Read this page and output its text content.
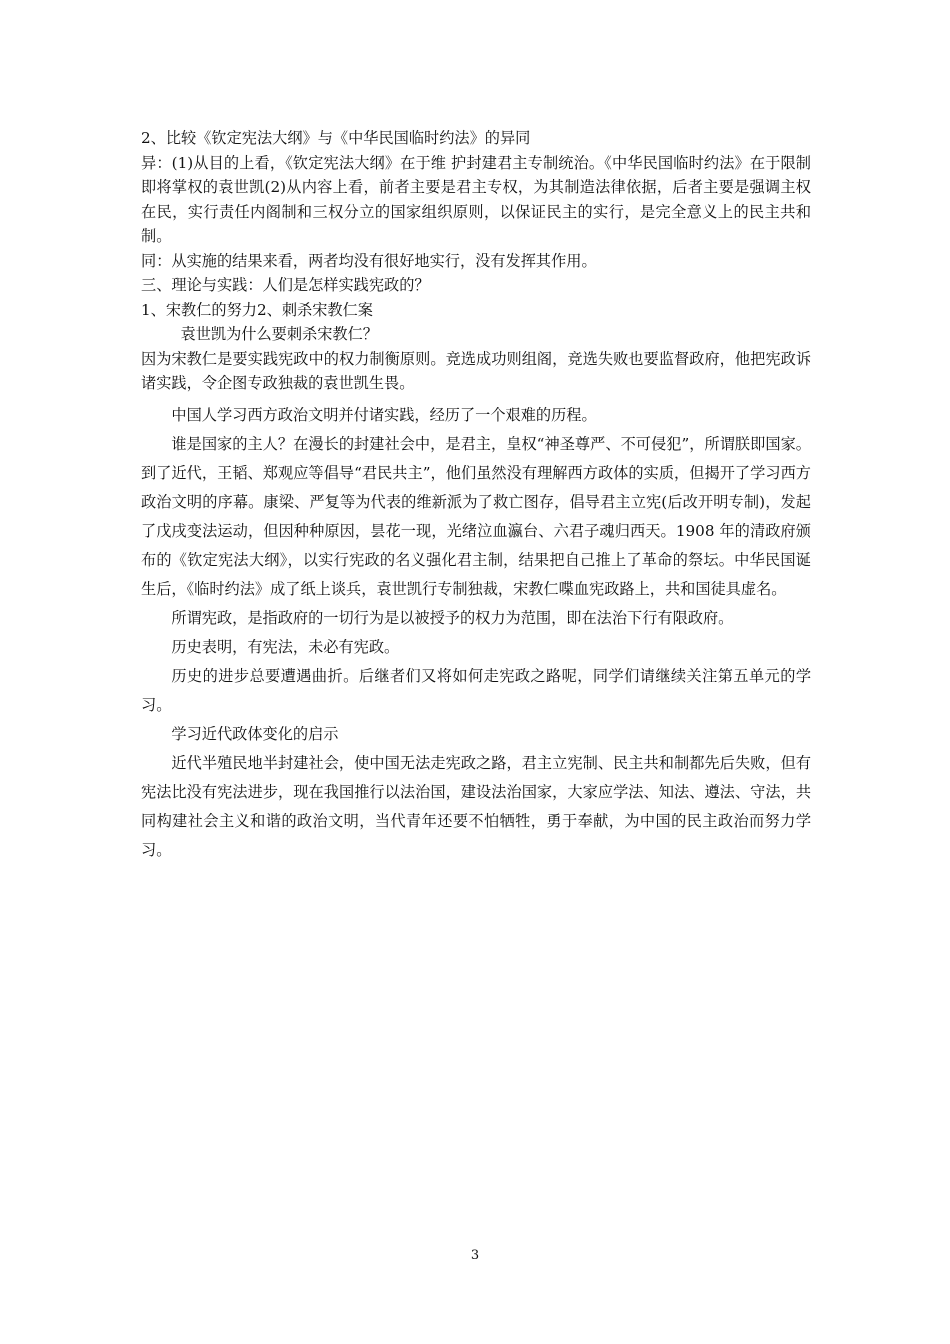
2、比较《钦定宪法大纲》与《中华民国临时约法》的异同

异：(1)从目的上看，《钦定宪法大纲》在于维 护封建君主专制统治。《中华民国临时约法》在于限制即将掌权的袁世凯(2)从内容上看，前者主要是君主专权，为其制造法律依据，后者主要是强调主权在民，实行责任内阁制和三权分立的国家组织原则，以保证民主的实行，是完全意义上的民主共和制。

同：从实施的结果来看，两者均没有很好地实行，没有发挥其作用。

三、理论与实践：人们是怎样实践宪政的？

1、宋教仁的努力2、刺杀宋教仁案

袁世凯为什么要刺杀宋教仁？

因为宋教仁是要实践宪政中的权力制衡原则。竞选成功则组阁，竞选失败也要监督政府，他把宪政诉诸实践，令企图专政独裁的袁世凯生畏。

中国人学习西方政治文明并付诸实践，经历了一个艰难的历程。

谁是国家的主人？在漫长的封建社会中，是君主，皇权“神圣尊严、不可侵犯”，所谓朕即国家。到了近代，王韬、郑观应等倡导“君民共主”，他们虽然没有理解西方政体的实质，但揭开了学习西方政治文明的序幕。康梁、严复等为代表的维新派为了救亡图存，倡导君主立宪(后改开明专制)，发起了戊戌变法运动，但因种种原因，昙花一现，光绪泣血瀛台、六君子魂归西天。1908 年的清政府颁布的《钦定宪法大纲》，以实行宪政的名义强化君主制，结果把自己推上了革命的祭坛。中华民国诞生后，《临时约法》成了纸上谈兵，袁世凯行专制独裁，宋教仁喋血宪政路上，共和国徒具虚名。

所谓宪政，是指政府的一切行为是以被授予的权力为范围，即在法治下行有限政府。

历史表明，有宪法，未必有宪政。

历史的进步总要遭遇曲折。后继者们又将如何走宪政之路呢，同学们请继续关注第五单元的学习。

学习近代政体变化的启示

近代半殖民地半封建社会，使中国无法走宪政之路，君主立宪制、民主共和制都先后失败，但有宪法比没有宪法进步，现在我国推行以法治国，建设法治国家，大家应学法、知法、遵法、守法，共同构建社会主义和谐的政治文明，当代青年还要不怕牺牲，勇于奉献，为中国的民主政治而努力学习。

3
